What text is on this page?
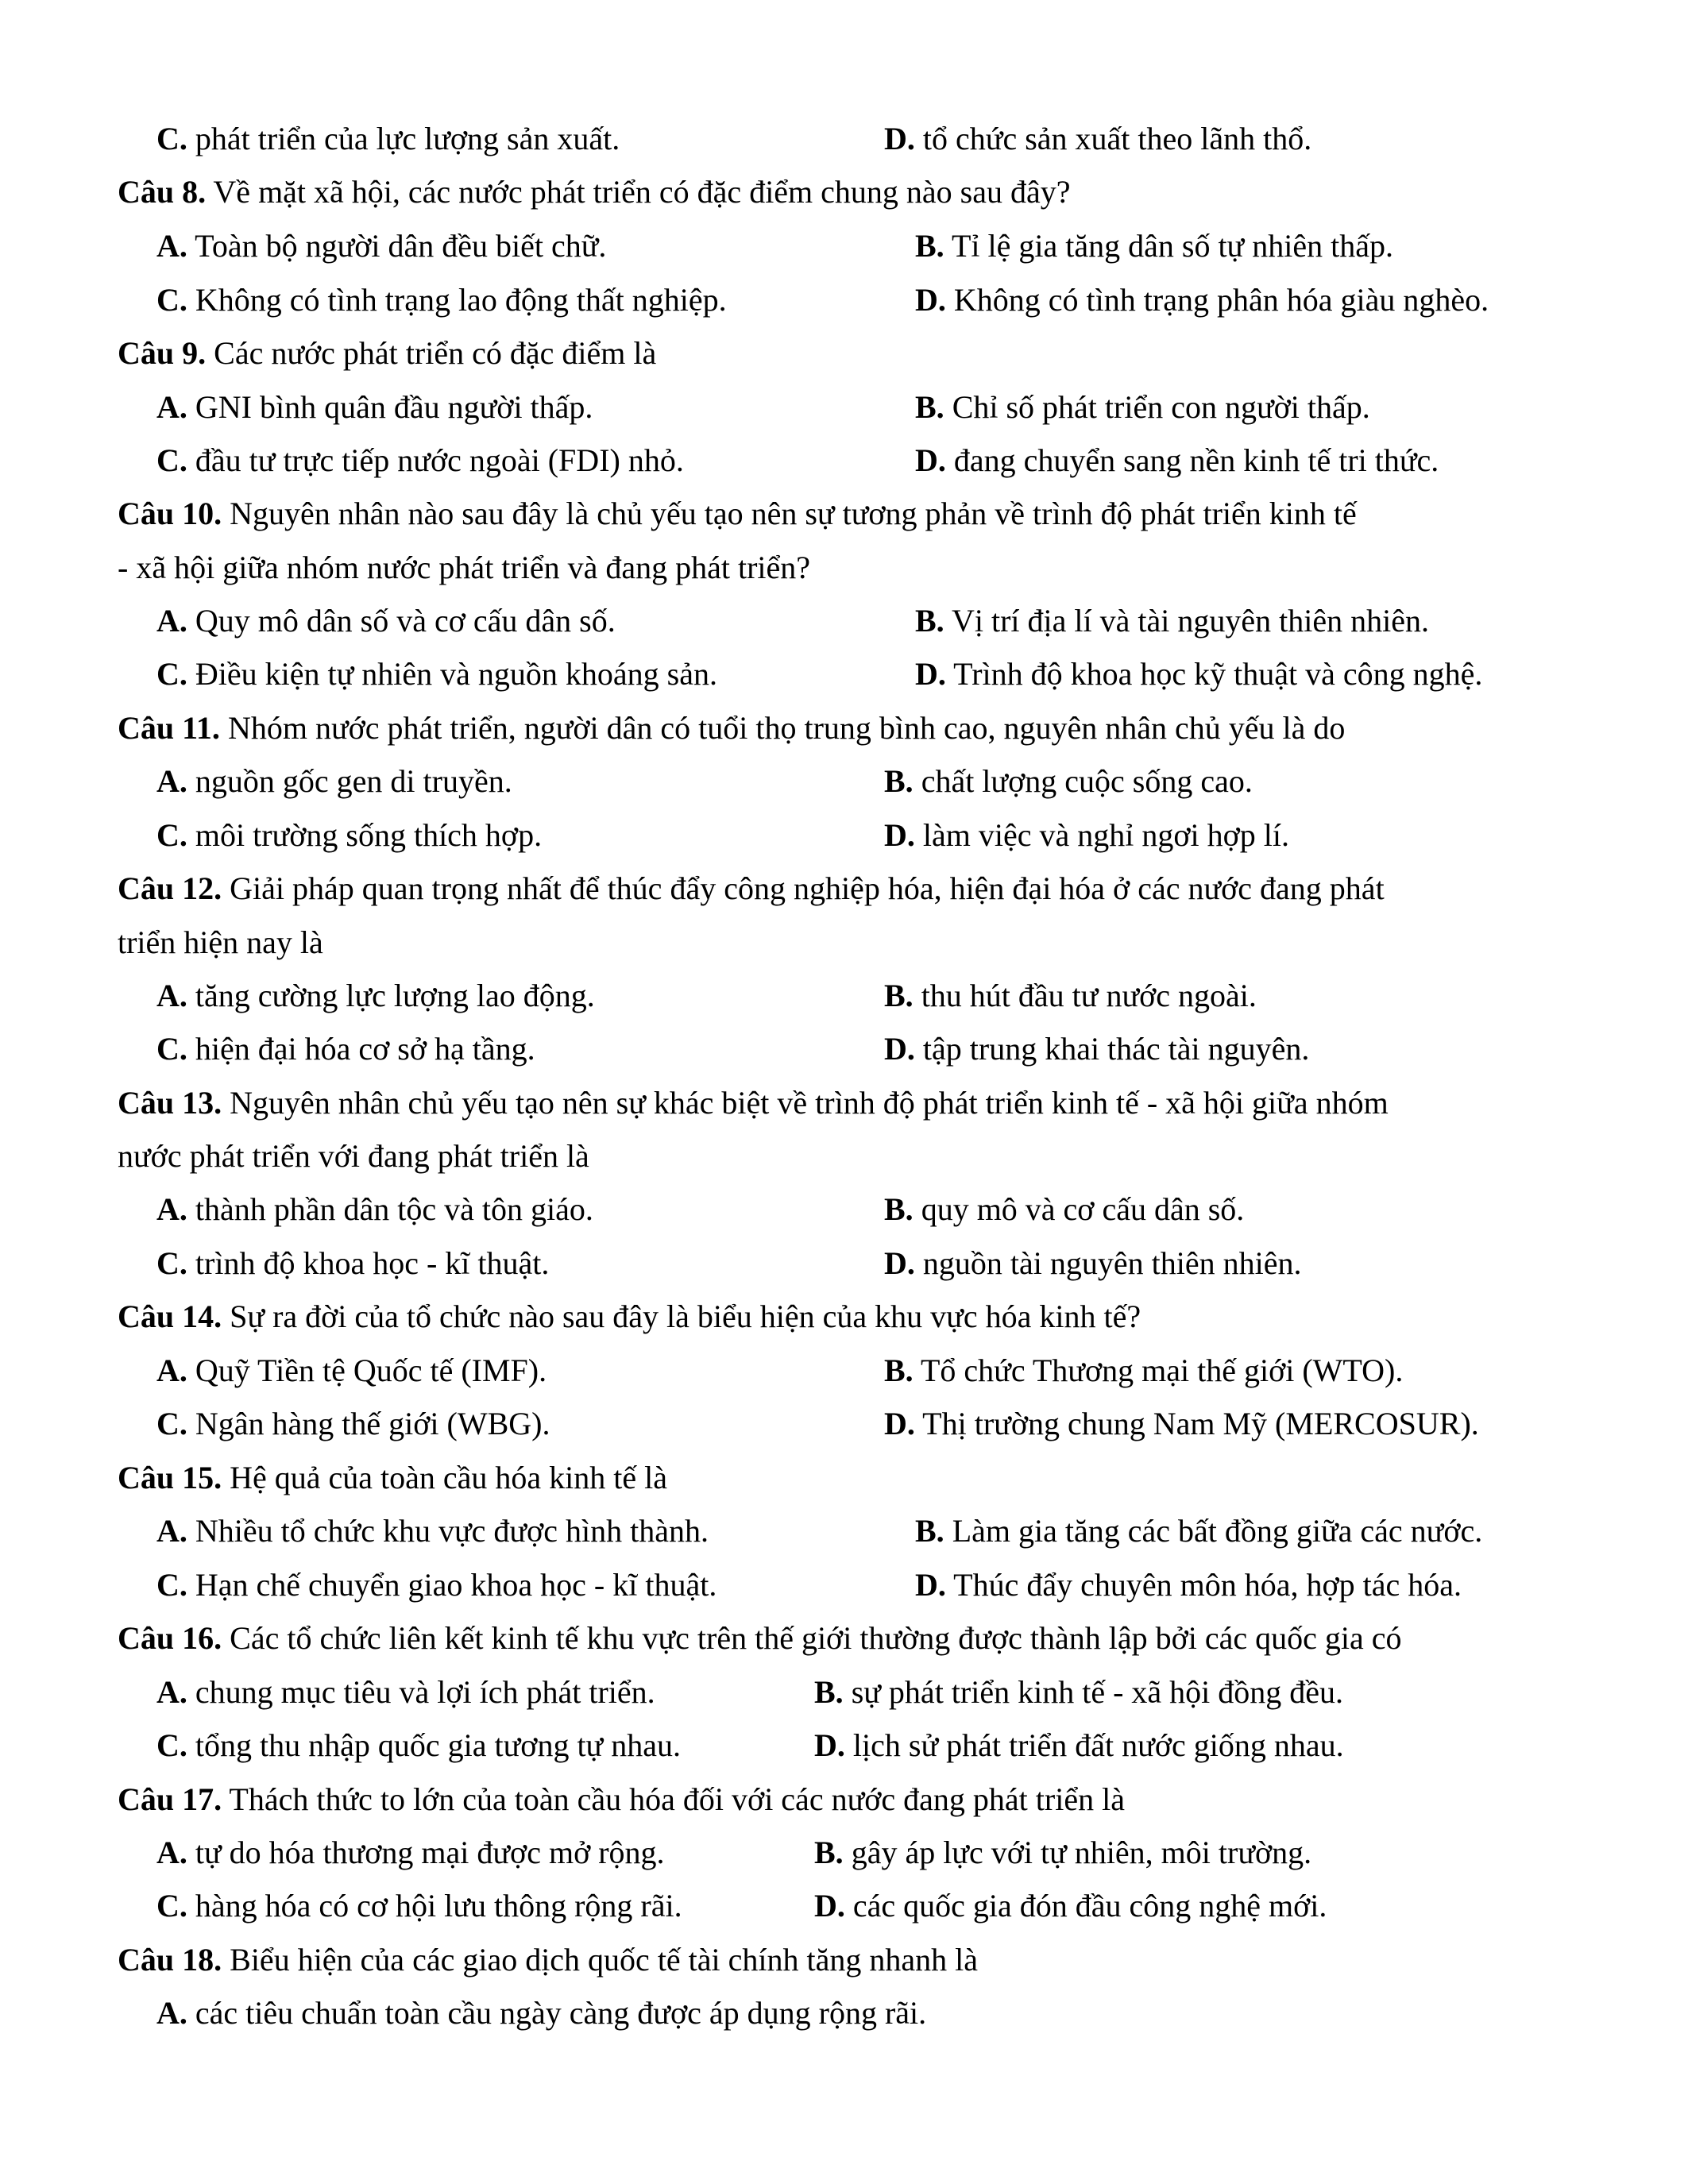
C. phát triển của lực lượng sản xuất.	D. tổ chức sản xuất theo lãnh thổ.
Câu 8. Về mặt xã hội, các nước phát triển có đặc điểm chung nào sau đây?
A. Toàn bộ người dân đều biết chữ.	B. Tỉ lệ gia tăng dân số tự nhiên thấp.
C. Không có tình trạng lao động thất nghiệp.	D. Không có tình trạng phân hóa giàu nghèo.
Câu 9. Các nước phát triển có đặc điểm là
A. GNI bình quân đầu người thấp.	B. Chỉ số phát triển con người thấp.
C. đầu tư trực tiếp nước ngoài (FDI) nhỏ.	D. đang chuyển sang nền kinh tế tri thức.
Câu 10. Nguyên nhân nào sau đây là chủ yếu tạo nên sự tương phản về trình độ phát triển kinh tế
- xã hội giữa nhóm nước phát triển và đang phát triển?
A. Quy mô dân số và cơ cấu dân số.	B. Vị trí địa lí và tài nguyên thiên nhiên.
C. Điều kiện tự nhiên và nguồn khoáng sản.	D. Trình độ khoa học kỹ thuật và công nghệ.
Câu 11. Nhóm nước phát triển, người dân có tuổi thọ trung bình cao, nguyên nhân chủ yếu là do
A. nguồn gốc gen di truyền.	B. chất lượng cuộc sống cao.
C. môi trường sống thích hợp.	D. làm việc và nghỉ ngơi hợp lí.
Câu 12. Giải pháp quan trọng nhất để thúc đẩy công nghiệp hóa, hiện đại hóa ở các nước đang phát
triển hiện nay là
A. tăng cường lực lượng lao động.	B. thu hút đầu tư nước ngoài.
C. hiện đại hóa cơ sở hạ tầng.	D. tập trung khai thác tài nguyên.
Câu 13. Nguyên nhân chủ yếu tạo nên sự khác biệt về trình độ phát triển kinh tế - xã hội giữa nhóm
nước phát triển với đang phát triển là
A. thành phần dân tộc và tôn giáo.	B. quy mô và cơ cấu dân số.
C. trình độ khoa học - kĩ thuật.	D. nguồn tài nguyên thiên nhiên.
Câu 14. Sự ra đời của tổ chức nào sau đây là biểu hiện của khu vực hóa kinh tế?
A. Quỹ Tiền tệ Quốc tế (IMF).	B. Tổ chức Thương mại thế giới (WTO).
C. Ngân hàng thế giới (WBG).	D. Thị trường chung Nam Mỹ (MERCOSUR).
Câu 15. Hệ quả của toàn cầu hóa kinh tế là
A. Nhiều tổ chức khu vực được hình thành.	B. Làm gia tăng các bất đồng giữa các nước.
C. Hạn chế chuyển giao khoa học - kĩ thuật.	D. Thúc đẩy chuyên môn hóa, hợp tác hóa.
Câu 16. Các tổ chức liên kết kinh tế khu vực trên thế giới thường được thành lập bởi các quốc gia có
A. chung mục tiêu và lợi ích phát triển.	B. sự phát triển kinh tế - xã hội đồng đều.
C. tổng thu nhập quốc gia tương tự nhau.	D. lịch sử phát triển đất nước giống nhau.
Câu 17. Thách thức to lớn của toàn cầu hóa đối với các nước đang phát triển là
A. tự do hóa thương mại được mở rộng.	B. gây áp lực với tự nhiên, môi trường.
C. hàng hóa có cơ hội lưu thông rộng rãi.	D. các quốc gia đón đầu công nghệ mới.
Câu 18. Biểu hiện của các giao dịch quốc tế tài chính tăng nhanh là
A. các tiêu chuẩn toàn cầu ngày càng được áp dụng rộng rãi.
